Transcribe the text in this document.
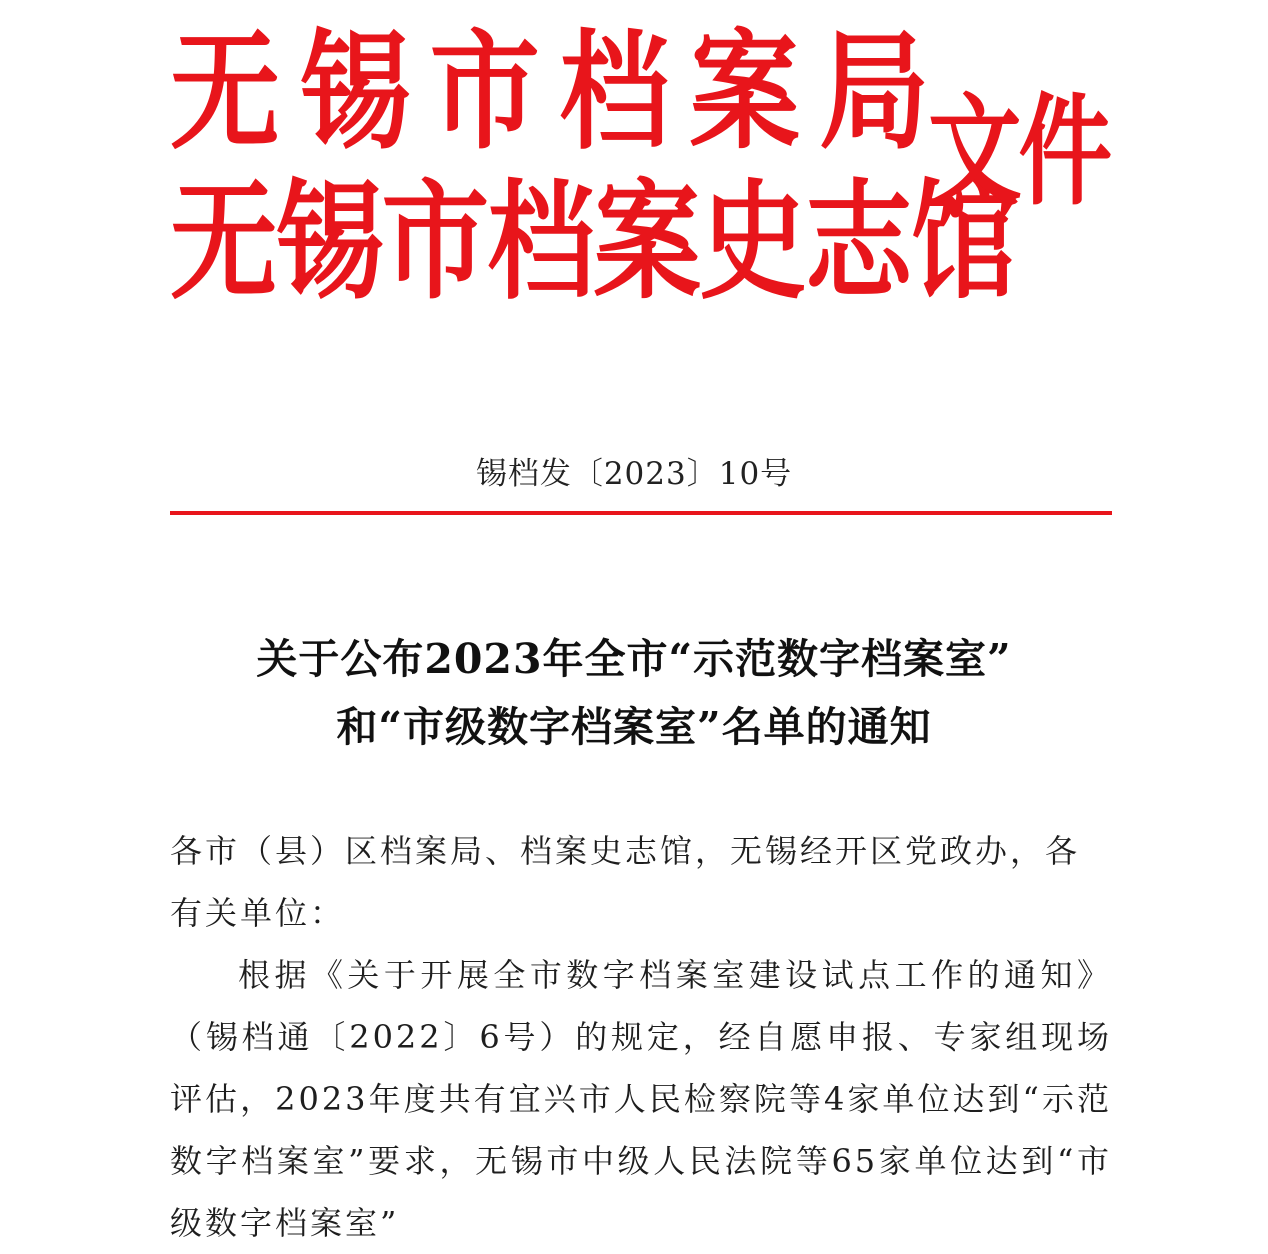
无锡市档案局
无锡市档案史志馆
文件
锡档发〔2023〕10号
关于公布2023年全市“示范数字档案室”
和“市级数字档案室”名单的通知
各市（县）区档案局、档案史志馆，无锡经开区党政办，各有关单位：
根据《关于开展全市数字档案室建设试点工作的通知》（锡档通〔2022〕6号）的规定，经自愿申报、专家组现场评估，2023年度共有宜兴市人民检察院等4家单位达到“示范数字档案室”要求，无锡市中级人民法院等65家单位达到“市级数字档案室”
